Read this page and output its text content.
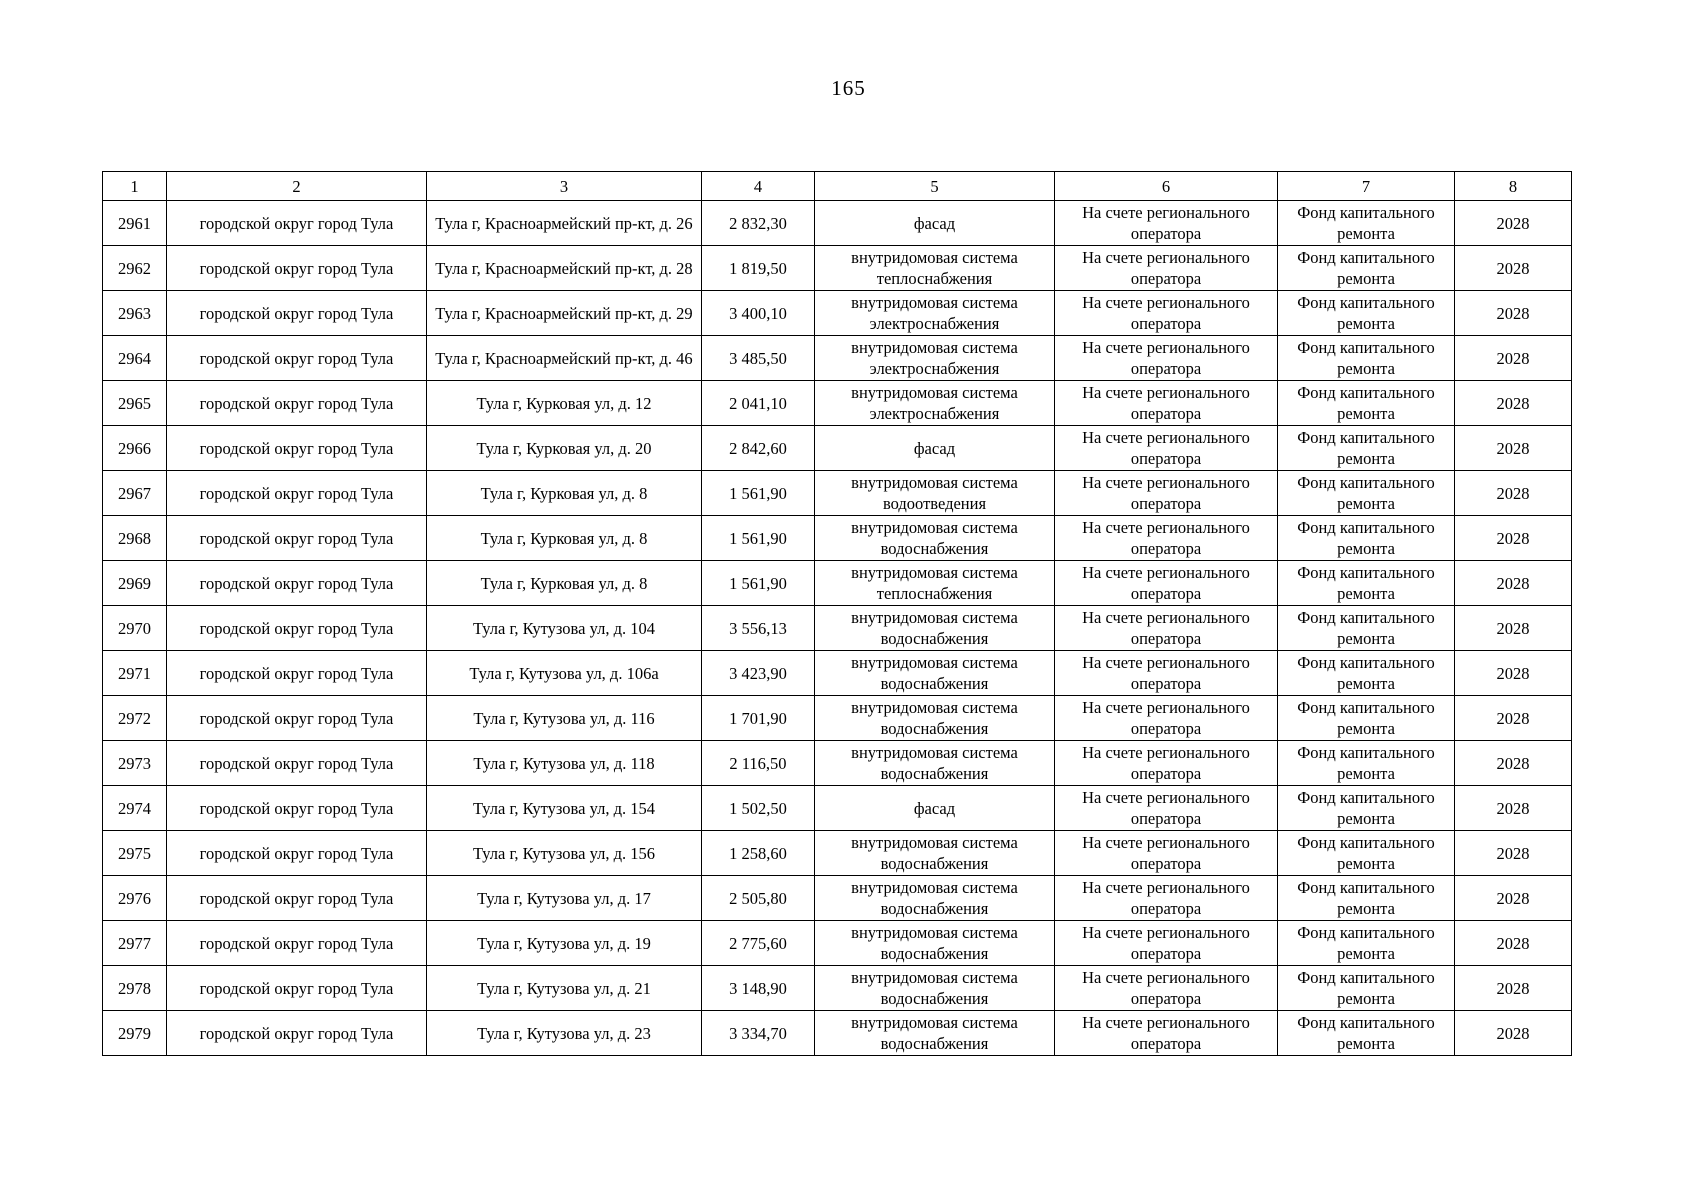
165
1	2	3	4	5	6	7	8
2961	городской округ город Тула	Тула г, Красноармейский пр-кт, д. 26	2 832,30	фасад	На счете регионального оператора	Фонд капитального ремонта	2028
2962	городской округ город Тула	Тула г, Красноармейский пр-кт, д. 28	1 819,50	внутридомовая система теплоснабжения	На счете регионального оператора	Фонд капитального ремонта	2028
2963	городской округ город Тула	Тула г, Красноармейский пр-кт, д. 29	3 400,10	внутридомовая система электроснабжения	На счете регионального оператора	Фонд капитального ремонта	2028
2964	городской округ город Тула	Тула г, Красноармейский пр-кт, д. 46	3 485,50	внутридомовая система электроснабжения	На счете регионального оператора	Фонд капитального ремонта	2028
2965	городской округ город Тула	Тула г, Курковая ул, д. 12	2 041,10	внутридомовая система электроснабжения	На счете регионального оператора	Фонд капитального ремонта	2028
2966	городской округ город Тула	Тула г, Курковая ул, д. 20	2 842,60	фасад	На счете регионального оператора	Фонд капитального ремонта	2028
2967	городской округ город Тула	Тула г, Курковая ул, д. 8	1 561,90	внутридомовая система водоотведения	На счете регионального оператора	Фонд капитального ремонта	2028
2968	городской округ город Тула	Тула г, Курковая ул, д. 8	1 561,90	внутридомовая система водоснабжения	На счете регионального оператора	Фонд капитального ремонта	2028
2969	городской округ город Тула	Тула г, Курковая ул, д. 8	1 561,90	внутридомовая система теплоснабжения	На счете регионального оператора	Фонд капитального ремонта	2028
2970	городской округ город Тула	Тула г, Кутузова ул, д. 104	3 556,13	внутридомовая система водоснабжения	На счете регионального оператора	Фонд капитального ремонта	2028
2971	городской округ город Тула	Тула г, Кутузова ул, д. 106а	3 423,90	внутридомовая система водоснабжения	На счете регионального оператора	Фонд капитального ремонта	2028
2972	городской округ город Тула	Тула г, Кутузова ул, д. 116	1 701,90	внутридомовая система водоснабжения	На счете регионального оператора	Фонд капитального ремонта	2028
2973	городской округ город Тула	Тула г, Кутузова ул, д. 118	2 116,50	внутридомовая система водоснабжения	На счете регионального оператора	Фонд капитального ремонта	2028
2974	городской округ город Тула	Тула г, Кутузова ул, д. 154	1 502,50	фасад	На счете регионального оператора	Фонд капитального ремонта	2028
2975	городской округ город Тула	Тула г, Кутузова ул, д. 156	1 258,60	внутридомовая система водоснабжения	На счете регионального оператора	Фонд капитального ремонта	2028
2976	городской округ город Тула	Тула г, Кутузова ул, д. 17	2 505,80	внутридомовая система водоснабжения	На счете регионального оператора	Фонд капитального ремонта	2028
2977	городской округ город Тула	Тула г, Кутузова ул, д. 19	2 775,60	внутридомовая система водоснабжения	На счете регионального оператора	Фонд капитального ремонта	2028
2978	городской округ город Тула	Тула г, Кутузова ул, д. 21	3 148,90	внутридомовая система водоснабжения	На счете регионального оператора	Фонд капитального ремонта	2028
2979	городской округ город Тула	Тула г, Кутузова ул, д. 23	3 334,70	внутридомовая система водоснабжения	На счете регионального оператора	Фонд капитального ремонта	2028
